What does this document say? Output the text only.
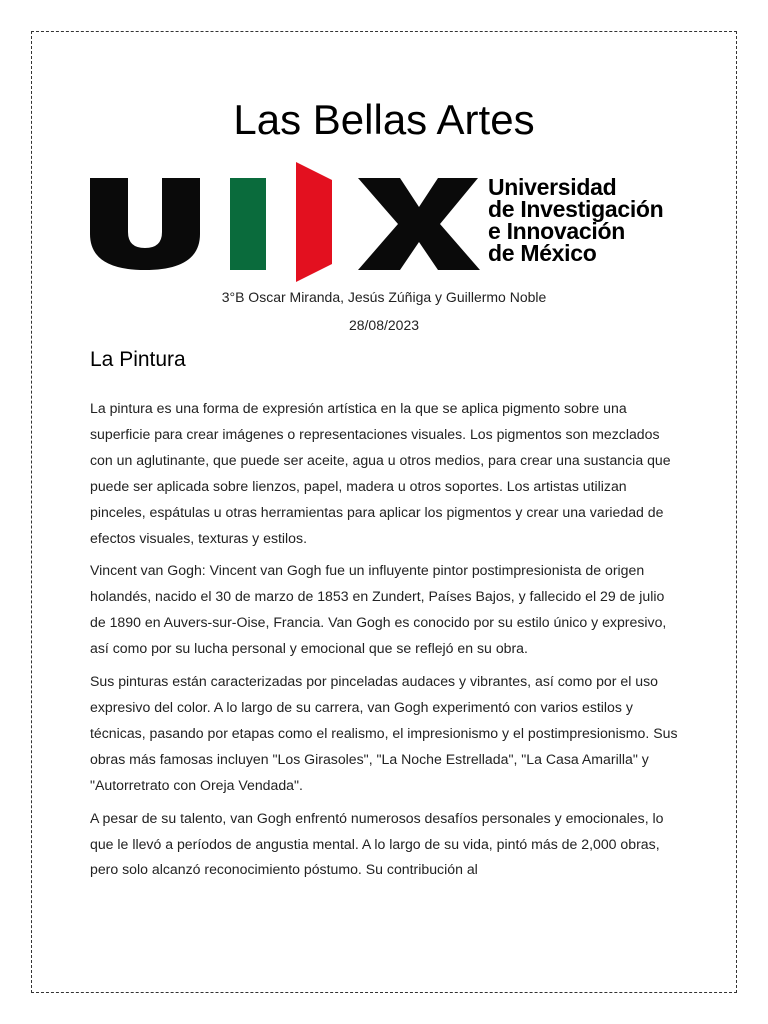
Las Bellas Artes
Universidad
de Investigación
e Innovación
de México
3°B Oscar Miranda, Jesús Zúñiga y Guillermo Noble
28/08/2023
La Pintura

La pintura es una forma de expresión artística en la que se aplica pigmento sobre una superficie para crear imágenes o representaciones visuales. Los pigmentos son mezclados con un aglutinante, que puede ser aceite, agua u otros medios, para crear una sustancia que puede ser aplicada sobre lienzos, papel, madera u otros soportes. Los artistas utilizan pinceles, espátulas u otras herramientas para aplicar los pigmentos y crear una variedad de efectos visuales, texturas y estilos.

Vincent van Gogh: Vincent van Gogh fue un influyente pintor postimpresionista de origen holandés, nacido el 30 de marzo de 1853 en Zundert, Países Bajos, y fallecido el 29 de julio de 1890 en Auvers-sur-Oise, Francia. Van Gogh es conocido por su estilo único y expresivo, así como por su lucha personal y emocional que se reflejó en su obra.

Sus pinturas están caracterizadas por pinceladas audaces y vibrantes, así como por el uso expresivo del color. A lo largo de su carrera, van Gogh experimentó con varios estilos y técnicas, pasando por etapas como el realismo, el impresionismo y el postimpresionismo. Sus obras más famosas incluyen "Los Girasoles", "La Noche Estrellada", "La Casa Amarilla" y "Autorretrato con Oreja Vendada".

A pesar de su talento, van Gogh enfrentó numerosos desafíos personales y emocionales, lo que le llevó a períodos de angustia mental. A lo largo de su vida, pintó más de 2,000 obras, pero solo alcanzó reconocimiento póstumo. Su contribución al
